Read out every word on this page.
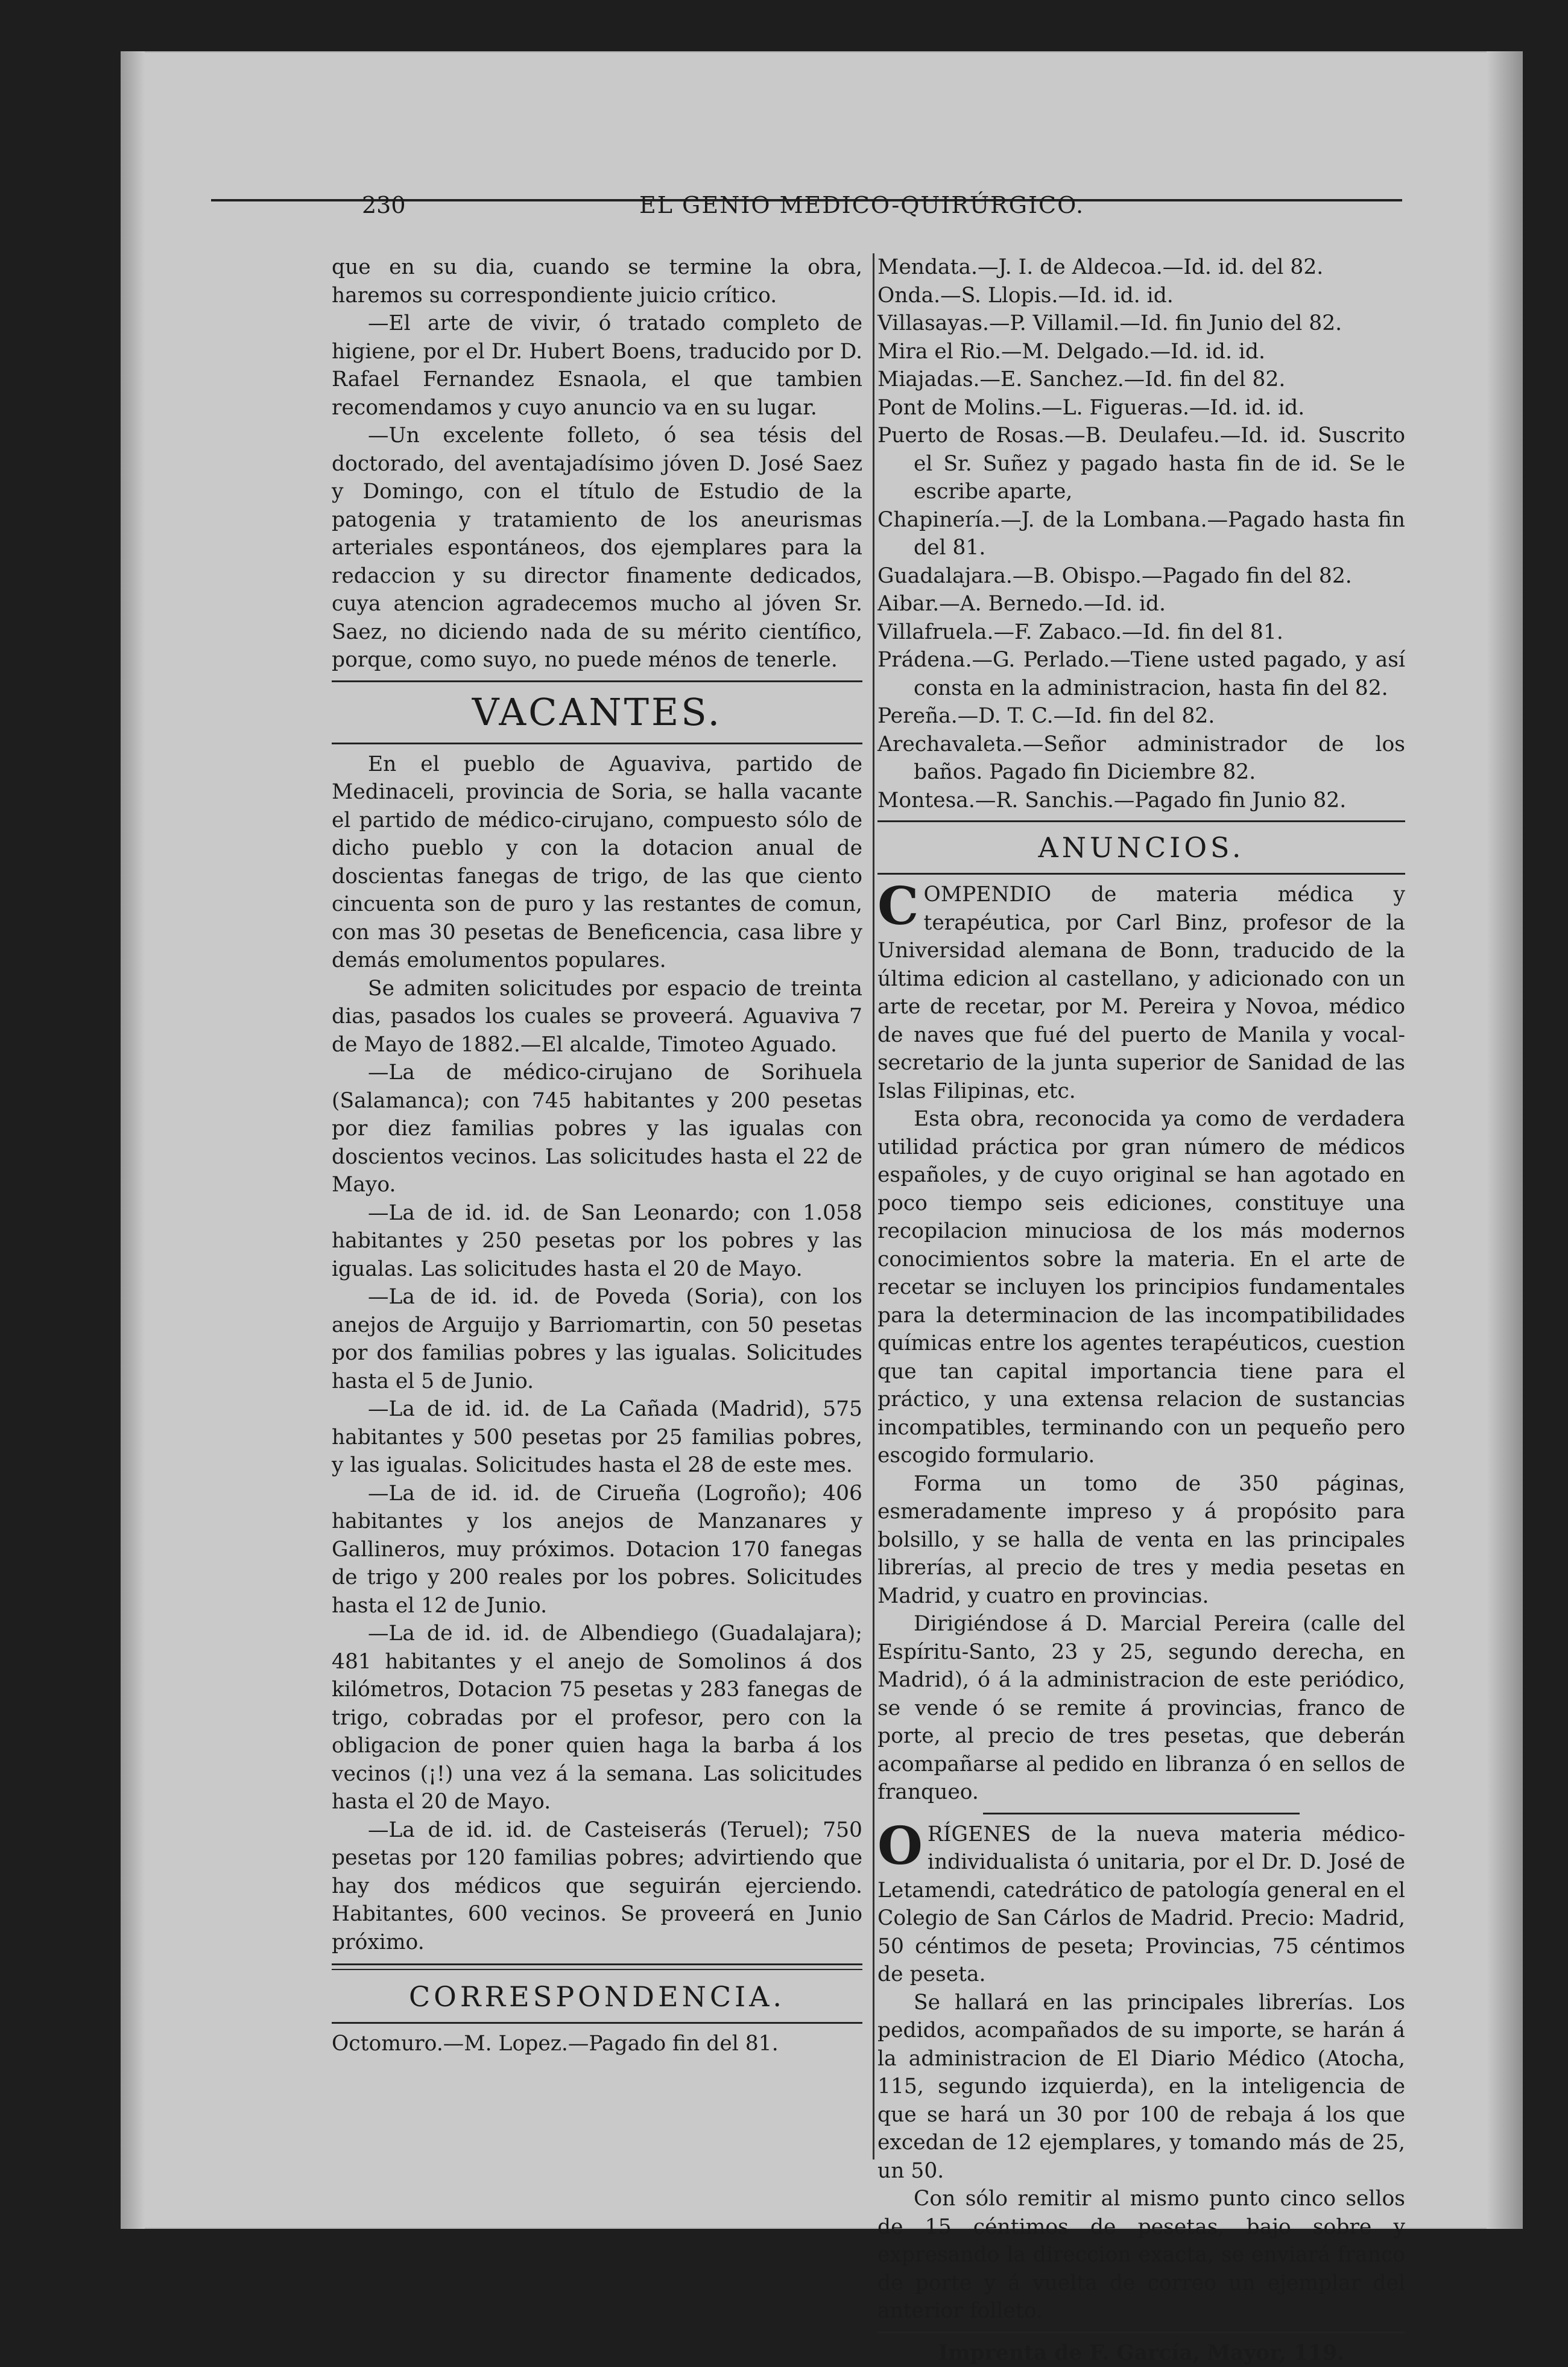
230	EL GENIO MEDICO-QUIRÚRGICO.

que en su dia, cuando se termine la obra, haremos su correspondiente juicio crítico.

—El arte de vivir, ó tratado completo de higiene, por el Dr. Hubert Boens, traducido por D. Rafael Fernandez Esnaola, el que tambien recomendamos y cuyo anuncio va en su lugar.

—Un excelente folleto, ó sea tésis del doctorado, del aventajadísimo jóven D. José Saez y Domingo, con el título de Estudio de la patogenia y tratamiento de los aneurismas arteriales espontáneos, dos ejemplares para la redaccion y su director finamente dedicados, cuya atencion agradecemos mucho al jóven Sr. Saez, no diciendo nada de su mérito científico, porque, como suyo, no puede ménos de tenerle.

VACANTES.

En el pueblo de Aguaviva, partido de Medinaceli, provincia de Soria, se halla vacante el partido de médico-cirujano, compuesto sólo de dicho pueblo y con la dotacion anual de doscientas fanegas de trigo, de las que ciento cincuenta son de puro y las restantes de comun, con mas 30 pesetas de Beneficencia, casa libre y demás emolumentos populares.

Se admiten solicitudes por espacio de treinta dias, pasados los cuales se proveerá. Aguaviva 7 de Mayo de 1882.—El alcalde, Timoteo Aguado.

—La de médico-cirujano de Sorihuela (Salamanca); con 745 habitantes y 200 pesetas por diez familias pobres y las igualas con doscientos vecinos. Las solicitudes hasta el 22 de Mayo.

—La de id. id. de San Leonardo; con 1.058 habitantes y 250 pesetas por los pobres y las igualas. Las solicitudes hasta el 20 de Mayo.

—La de id. id. de Poveda (Soria), con los anejos de Arguijo y Barriomartin, con 50 pesetas por dos familias pobres y las igualas. Solicitudes hasta el 5 de Junio.

—La de id. id. de La Cañada (Madrid), 575 habitantes y 500 pesetas por 25 familias pobres, y las igualas. Solicitudes hasta el 28 de este mes.

—La de id. id. de Cirueña (Logroño); 406 habitantes y los anejos de Manzanares y Gallineros, muy próximos. Dotacion 170 fanegas de trigo y 200 reales por los pobres. Solicitudes hasta el 12 de Junio.

—La de id. id. de Albendiego (Guadalajara); 481 habitantes y el anejo de Somolinos á dos kilómetros, Dotacion 75 pesetas y 283 fanegas de trigo, cobradas por el profesor, pero con la obligacion de poner quien haga la barba á los vecinos (¡!) una vez á la semana. Las solicitudes hasta el 20 de Mayo.

—La de id. id. de Casteiserás (Teruel); 750 pesetas por 120 familias pobres; advirtiendo que hay dos médicos que seguirán ejerciendo. Habitantes, 600 vecinos. Se proveerá en Junio próximo.

CORRESPONDENCIA.

Octomuro.—M. Lopez.—Pagado fin del 81.

Mendata.—J. I. de Aldecoa.—Id. id. del 82.

Onda.—S. Llopis.—Id. id. id.

Villasayas.—P. Villamil.—Id. fin Junio del 82.

Mira el Rio.—M. Delgado.—Id. id. id.

Miajadas.—E. Sanchez.—Id. fin del 82.

Pont de Molins.—L. Figueras.—Id. id. id.

Puerto de Rosas.—B. Deulafeu.—Id. id. Suscrito el Sr. Suñez y pagado hasta fin de id. Se le escribe aparte,

Chapinería.—J. de la Lombana.—Pagado hasta fin del 81.

Guadalajara.—B. Obispo.—Pagado fin del 82.

Aibar.—A. Bernedo.—Id. id.

Villafruela.—F. Zabaco.—Id. fin del 81.

Prádena.—G. Perlado.—Tiene usted pagado, y así consta en la administracion, hasta fin del 82.

Pereña.—D. T. C.—Id. fin del 82.

Arechavaleta.—Señor administrador de los baños. Pagado fin Diciembre 82.

Montesa.—R. Sanchis.—Pagado fin Junio 82.

ANUNCIOS.

COMPENDIO de materia médica y terapéutica, por Carl Binz, profesor de la Universidad alemana de Bonn, traducido de la última edicion al castellano, y adicionado con un arte de recetar, por M. Pereira y Novoa, médico de naves que fué del puerto de Manila y vocal-secretario de la junta superior de Sanidad de las Islas Filipinas, etc.

Esta obra, reconocida ya como de verdadera utilidad práctica por gran número de médicos españoles, y de cuyo original se han agotado en poco tiempo seis ediciones, constituye una recopilacion minuciosa de los más modernos conocimientos sobre la materia. En el arte de recetar se incluyen los principios fundamentales para la determinacion de las incompatibilidades químicas entre los agentes terapéuticos, cuestion que tan capital importancia tiene para el práctico, y una extensa relacion de sustancias incompatibles, terminando con un pequeño pero escogido formulario.

Forma un tomo de 350 páginas, esmeradamente impreso y á propósito para bolsillo, y se halla de venta en las principales librerías, al precio de tres y media pesetas en Madrid, y cuatro en provincias.

Dirigiéndose á D. Marcial Pereira (calle del Espíritu-Santo, 23 y 25, segundo derecha, en Madrid), ó á la administracion de este periódico, se vende ó se remite á provincias, franco de porte, al precio de tres pesetas, que deberán acompañarse al pedido en libranza ó en sellos de franqueo.

ORÍGENES de la nueva materia médico-individualista ó unitaria, por el Dr. D. José de Letamendi, catedrático de patología general en el Colegio de San Cárlos de Madrid. Precio: Madrid, 50 céntimos de peseta; Provincias, 75 céntimos de peseta.

Se hallará en las principales librerías. Los pedidos, acompañados de su importe, se harán á la administracion de El Diario Médico (Atocha, 115, segundo izquierda), en la inteligencia de que se hará un 30 por 100 de rebaja á los que excedan de 12 ejemplares, y tomando más de 25, un 50.

Con sólo remitir al mismo punto cinco sellos de 15 céntimos de pesetas, bajo sobre y expresando la direccion exacta, se enviará franco de porte y á vuelta de correo un ejemplar del anterior folleto.

Imprenta de F. García, Mayor, 119.
